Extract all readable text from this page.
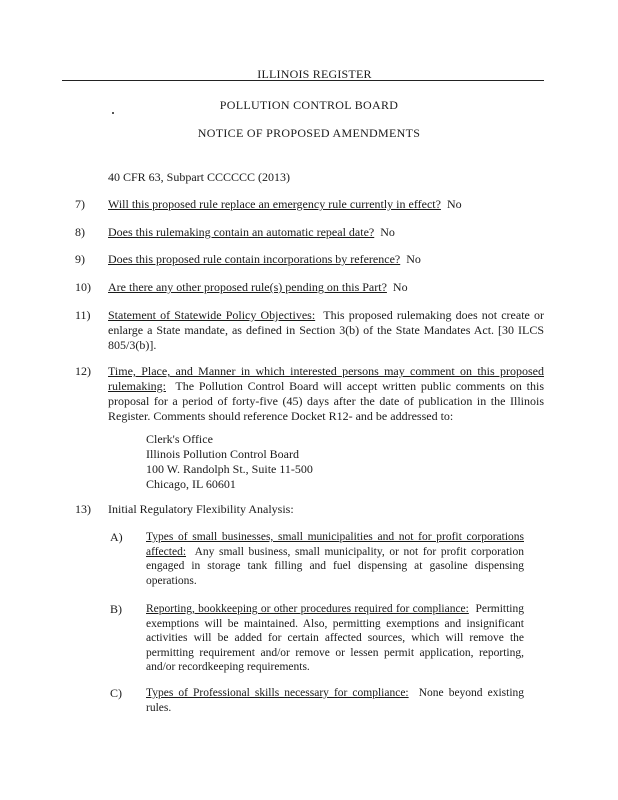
ILLINOIS REGISTER
POLLUTION CONTROL BOARD
NOTICE OF PROPOSED AMENDMENTS
40 CFR 63, Subpart CCCCCC (2013)
7) Will this proposed rule replace an emergency rule currently in effect? No
8) Does this rulemaking contain an automatic repeal date? No
9) Does this proposed rule contain incorporations by reference? No
10) Are there any other proposed rule(s) pending on this Part? No
11) Statement of Statewide Policy Objectives: This proposed rulemaking does not create or enlarge a State mandate, as defined in Section 3(b) of the State Mandates Act. [30 ILCS 805/3(b)].
12) Time, Place, and Manner in which interested persons may comment on this proposed rulemaking: The Pollution Control Board will accept written public comments on this proposal for a period of forty-five (45) days after the date of publication in the Illinois Register. Comments should reference Docket R12- and be addressed to:
Clerk's Office
Illinois Pollution Control Board
100 W. Randolph St., Suite 11-500
Chicago, IL 60601
13) Initial Regulatory Flexibility Analysis:
A) Types of small businesses, small municipalities and not for profit corporations affected: Any small business, small municipality, or not for profit corporation engaged in storage tank filling and fuel dispensing at gasoline dispensing operations.
B) Reporting, bookkeeping or other procedures required for compliance: Permitting exemptions will be maintained. Also, permitting exemptions and insignificant activities will be added for certain affected sources, which will remove the permitting requirement and/or remove or lessen permit application, reporting, and/or recordkeeping requirements.
C) Types of Professional skills necessary for compliance: None beyond existing rules.
